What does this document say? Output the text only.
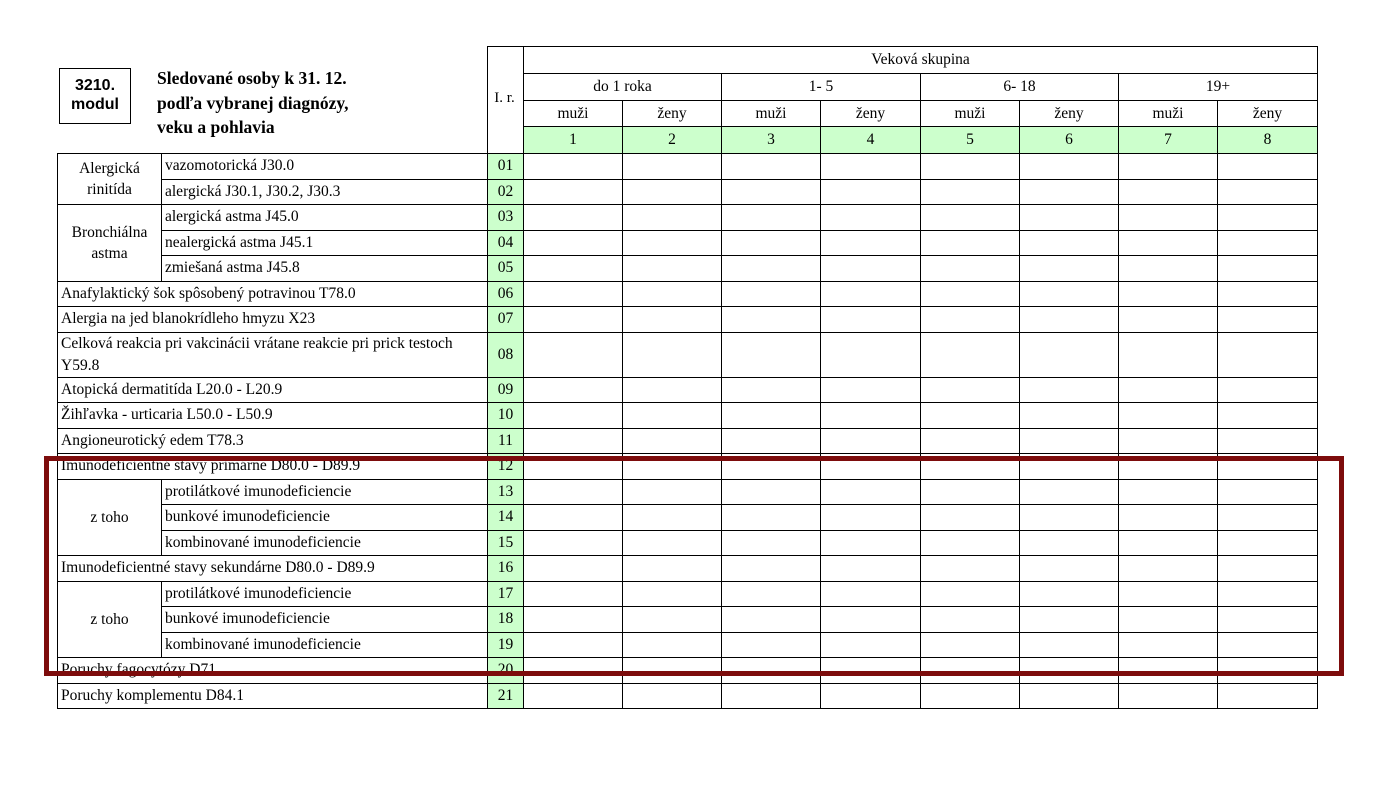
3210.
modul
Sledované osoby k 31. 12.
podľa vybranej diagnózy,
veku a pohlavia
I. r.
			Veková skupina							
			do 1 roka		1- 5		6- 18		19+	
			muži	ženy	muži	ženy	muži	ženy	muži	ženy
			1	2	3	4	5	6	7	8
Alergická rinitída	vazomotorická J30.0	01								
	alergická J30.1, J30.2, J30.3	02								
Bronchiálna astma	alergická astma J45.0	03								
	nealergická astma J45.1	04								
	zmiešaná astma J45.8	05								
Anafylaktický šok spôsobený potravinou T78.0		06								
Alergia na jed blanokrídleho hmyzu X23		07								
Celková reakcia pri vakcinácii vrátane reakcie pri prick testoch Y59.8		08								
Atopická dermatitída L20.0 - L20.9		09								
Žihľavka - urticaria L50.0 - L50.9		10								
Angioneurotický edem T78.3		11								
Imunodeficientné stavy primárne D80.0 - D89.9		12								
z toho	protilátkové imunodeficiencie	13								
	bunkové imunodeficiencie	14								
	kombinované imunodeficiencie	15								
Imunodeficientné stavy sekundárne D80.0 - D89.9		16								
z toho	protilátkové imunodeficiencie	17								
	bunkové imunodeficiencie	18								
	kombinované imunodeficiencie	19								
Poruchy fagocytózy D71		20								
Poruchy komplementu D84.1		21								
